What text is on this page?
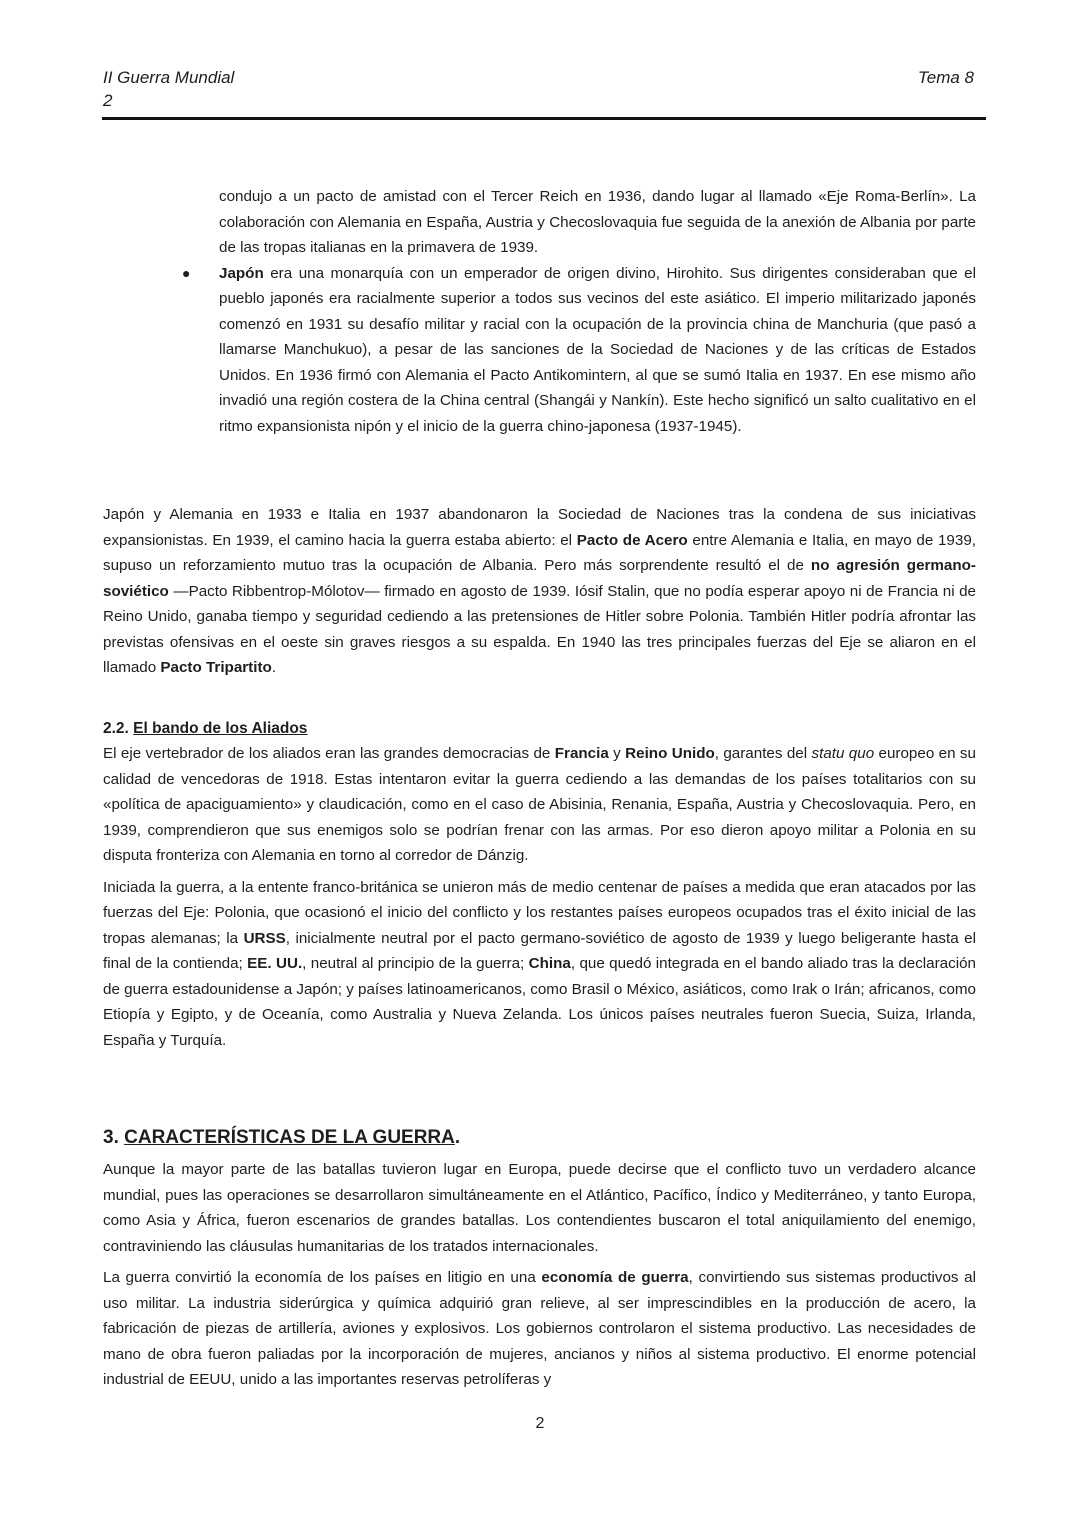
II Guerra Mundial
2
Tema 8

condujo a un pacto de amistad con el Tercer Reich en 1936, dando lugar al llamado «Eje Roma-Berlín». La colaboración con Alemania en España, Austria y Checoslovaquia fue seguida de la anexión de Albania por parte de las tropas italianas en la primavera de 1939.

● Japón era una monarquía con un emperador de origen divino, Hirohito. Sus dirigentes consideraban que el pueblo japonés era racialmente superior a todos sus vecinos del este asiático. El imperio militarizado japonés comenzó en 1931 su desafío militar y racial con la ocupación de la provincia china de Manchuria (que pasó a llamarse Manchukuo), a pesar de las sanciones de la Sociedad de Naciones y de las críticas de Estados Unidos. En 1936 firmó con Alemania el Pacto Antikomintern, al que se sumó Italia en 1937. En ese mismo año invadió una región costera de la China central (Shangái y Nankín). Este hecho significó un salto cualitativo en el ritmo expansionista nipón y el inicio de la guerra chino-japonesa (1937-1945).

Japón y Alemania en 1933 e Italia en 1937 abandonaron la Sociedad de Naciones tras la condena de sus iniciativas expansionistas. En 1939, el camino hacia la guerra estaba abierto: el Pacto de Acero entre Alemania e Italia, en mayo de 1939, supuso un reforzamiento mutuo tras la ocupación de Albania. Pero más sorprendente resultó el de no agresión germano-soviético —Pacto Ribbentrop-Mólotov— firmado en agosto de 1939. Iósif Stalin, que no podía esperar apoyo ni de Francia ni de Reino Unido, ganaba tiempo y seguridad cediendo a las pretensiones de Hitler sobre Polonia. También Hitler podría afrontar las previstas ofensivas en el oeste sin graves riesgos a su espalda. En 1940 las tres principales fuerzas del Eje se aliaron en el llamado Pacto Tripartito.

2.2. El bando de los Aliados

El eje vertebrador de los aliados eran las grandes democracias de Francia y Reino Unido, garantes del statu quo europeo en su calidad de vencedoras de 1918. Estas intentaron evitar la guerra cediendo a las demandas de los países totalitarios con su «política de apaciguamiento» y claudicación, como en el caso de Abisinia, Renania, España, Austria y Checoslovaquia. Pero, en 1939, comprendieron que sus enemigos solo se podrían frenar con las armas. Por eso dieron apoyo militar a Polonia en su disputa fronteriza con Alemania en torno al corredor de Dánzig.

Iniciada la guerra, a la entente franco-británica se unieron más de medio centenar de países a medida que eran atacados por las fuerzas del Eje: Polonia, que ocasionó el inicio del conflicto y los restantes países europeos ocupados tras el éxito inicial de las tropas alemanas; la URSS, inicialmente neutral por el pacto germano-soviético de agosto de 1939 y luego beligerante hasta el final de la contienda; EE. UU., neutral al principio de la guerra; China, que quedó integrada en el bando aliado tras la declaración de guerra estadounidense a Japón; y países latinoamericanos, como Brasil o México, asiáticos, como Irak o Irán; africanos, como Etiopía y Egipto, y de Oceanía, como Australia y Nueva Zelanda. Los únicos países neutrales fueron Suecia, Suiza, Irlanda, España y Turquía.

3. CARACTERÍSTICAS DE LA GUERRA.

Aunque la mayor parte de las batallas tuvieron lugar en Europa, puede decirse que el conflicto tuvo un verdadero alcance mundial, pues las operaciones se desarrollaron simultáneamente en el Atlántico, Pacífico, Índico y Mediterráneo, y tanto Europa, como Asia y África, fueron escenarios de grandes batallas. Los contendientes buscaron el total aniquilamiento del enemigo, contraviniendo las cláusulas humanitarias de los tratados internacionales.

La guerra convirtió la economía de los países en litigio en una economía de guerra, convirtiendo sus sistemas productivos al uso militar. La industria siderúrgica y química adquirió gran relieve, al ser imprescindibles en la producción de acero, la fabricación de piezas de artillería, aviones y explosivos. Los gobiernos controlaron el sistema productivo. Las necesidades de mano de obra fueron paliadas por la incorporación de mujeres, ancianos y niños al sistema productivo. El enorme potencial industrial de EEUU, unido a las importantes reservas petrolíferas y

2
